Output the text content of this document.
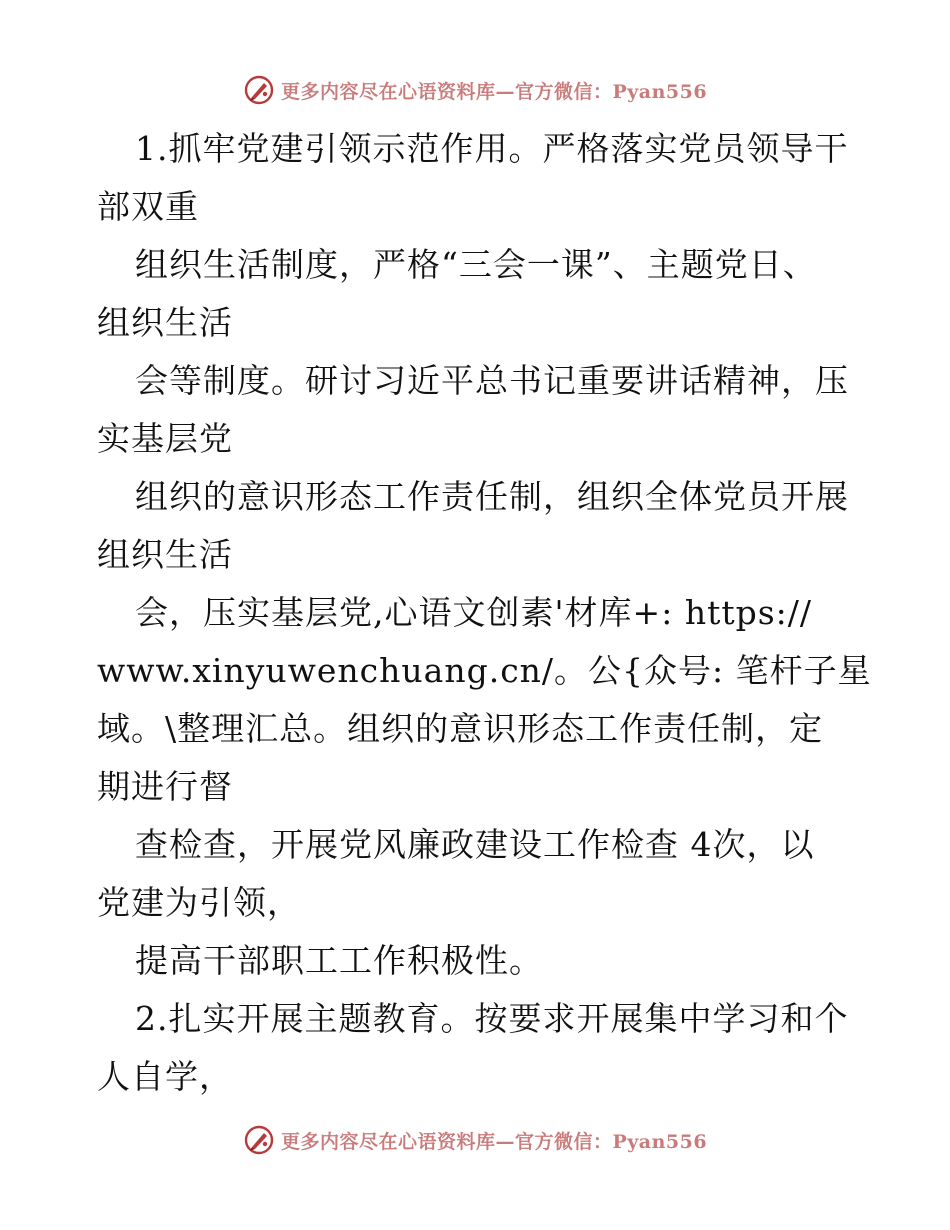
更多内容尽在心语资料库—官方微信：Pyan556
1.抓牢党建引领示范作用。严格落实党员领导干
部双重
组织生活制度，严格“三会一课”、主题党日、
组织生活
会等制度。研讨习近平总书记重要讲话精神，压
实基层党
组织的意识形态工作责任制，组织全体党员开展
组织生活
会，压实基层党,心语文创素'材库+: https://
www.xinyuwenchuang.cn/。公{众号: 笔杆子星
域。\整理汇总。组织的意识形态工作责任制，定
期进行督
查检查，开展党风廉政建设工作检查 4次，以
党建为引领，
提高干部职工工作积极性。
2.扎实开展主题教育。按要求开展集中学习和个
人自学，
更多内容尽在心语资料库—官方微信：Pyan556
